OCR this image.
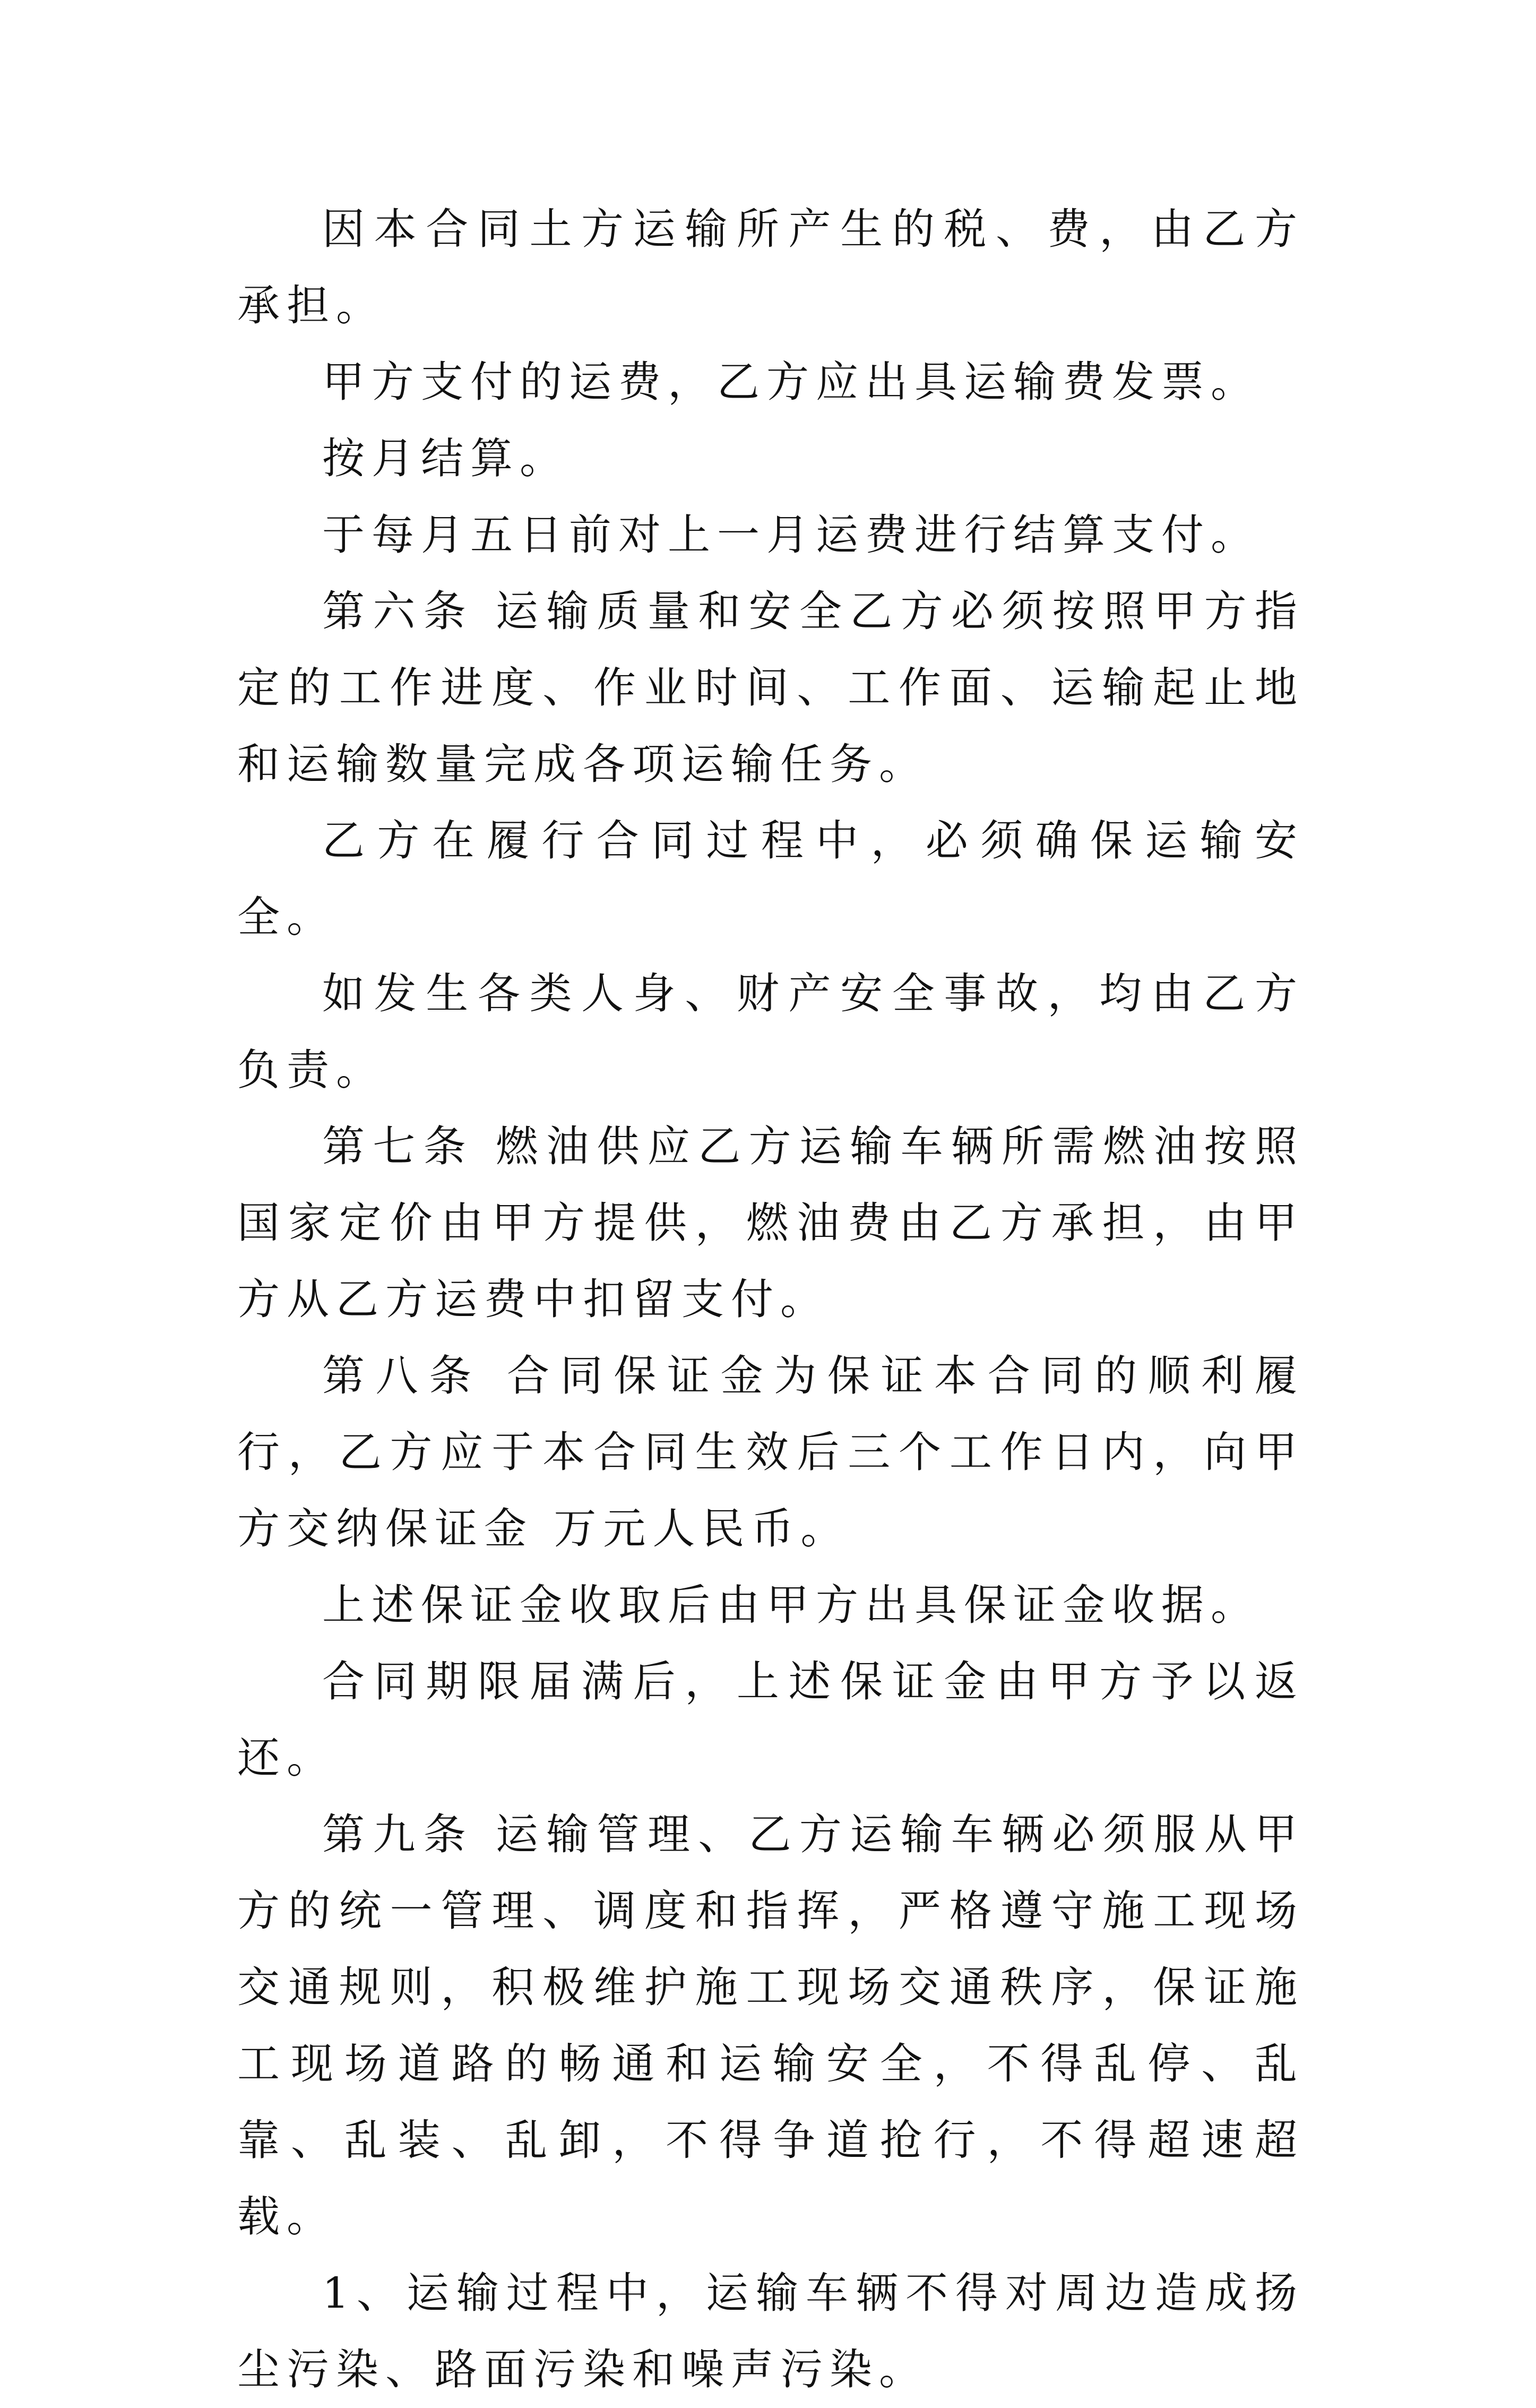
因本合同土方运输所产生的税、费，由乙方承担。

甲方支付的运费，乙方应出具运输费发票。

按月结算。

于每月五日前对上一月运费进行结算支付。

第六条 运输质量和安全乙方必须按照甲方指定的工作进度、作业时间、工作面、运输起止地和运输数量完成各项运输任务。

乙方在履行合同过程中，必须确保运输安全。

如发生各类人身、财产安全事故，均由乙方负责。

第七条 燃油供应乙方运输车辆所需燃油按照国家定价由甲方提供，燃油费由乙方承担，由甲方从乙方运费中扣留支付。

第八条 合同保证金为保证本合同的顺利履行，乙方应于本合同生效后三个工作日内，向甲方交纳保证金 万元人民币。

上述保证金收取后由甲方出具保证金收据。

合同期限届满后，上述保证金由甲方予以返还。

第九条 运输管理、乙方运输车辆必须服从甲方的统一管理、调度和指挥，严格遵守施工现场交通规则，积极维护施工现场交通秩序，保证施工现场道路的畅通和运输安全，不得乱停、乱靠、乱装、乱卸，不得争道抢行，不得超速超载。

1、运输过程中，运输车辆不得对周边造成扬尘污染、路面污染和噪声污染。
